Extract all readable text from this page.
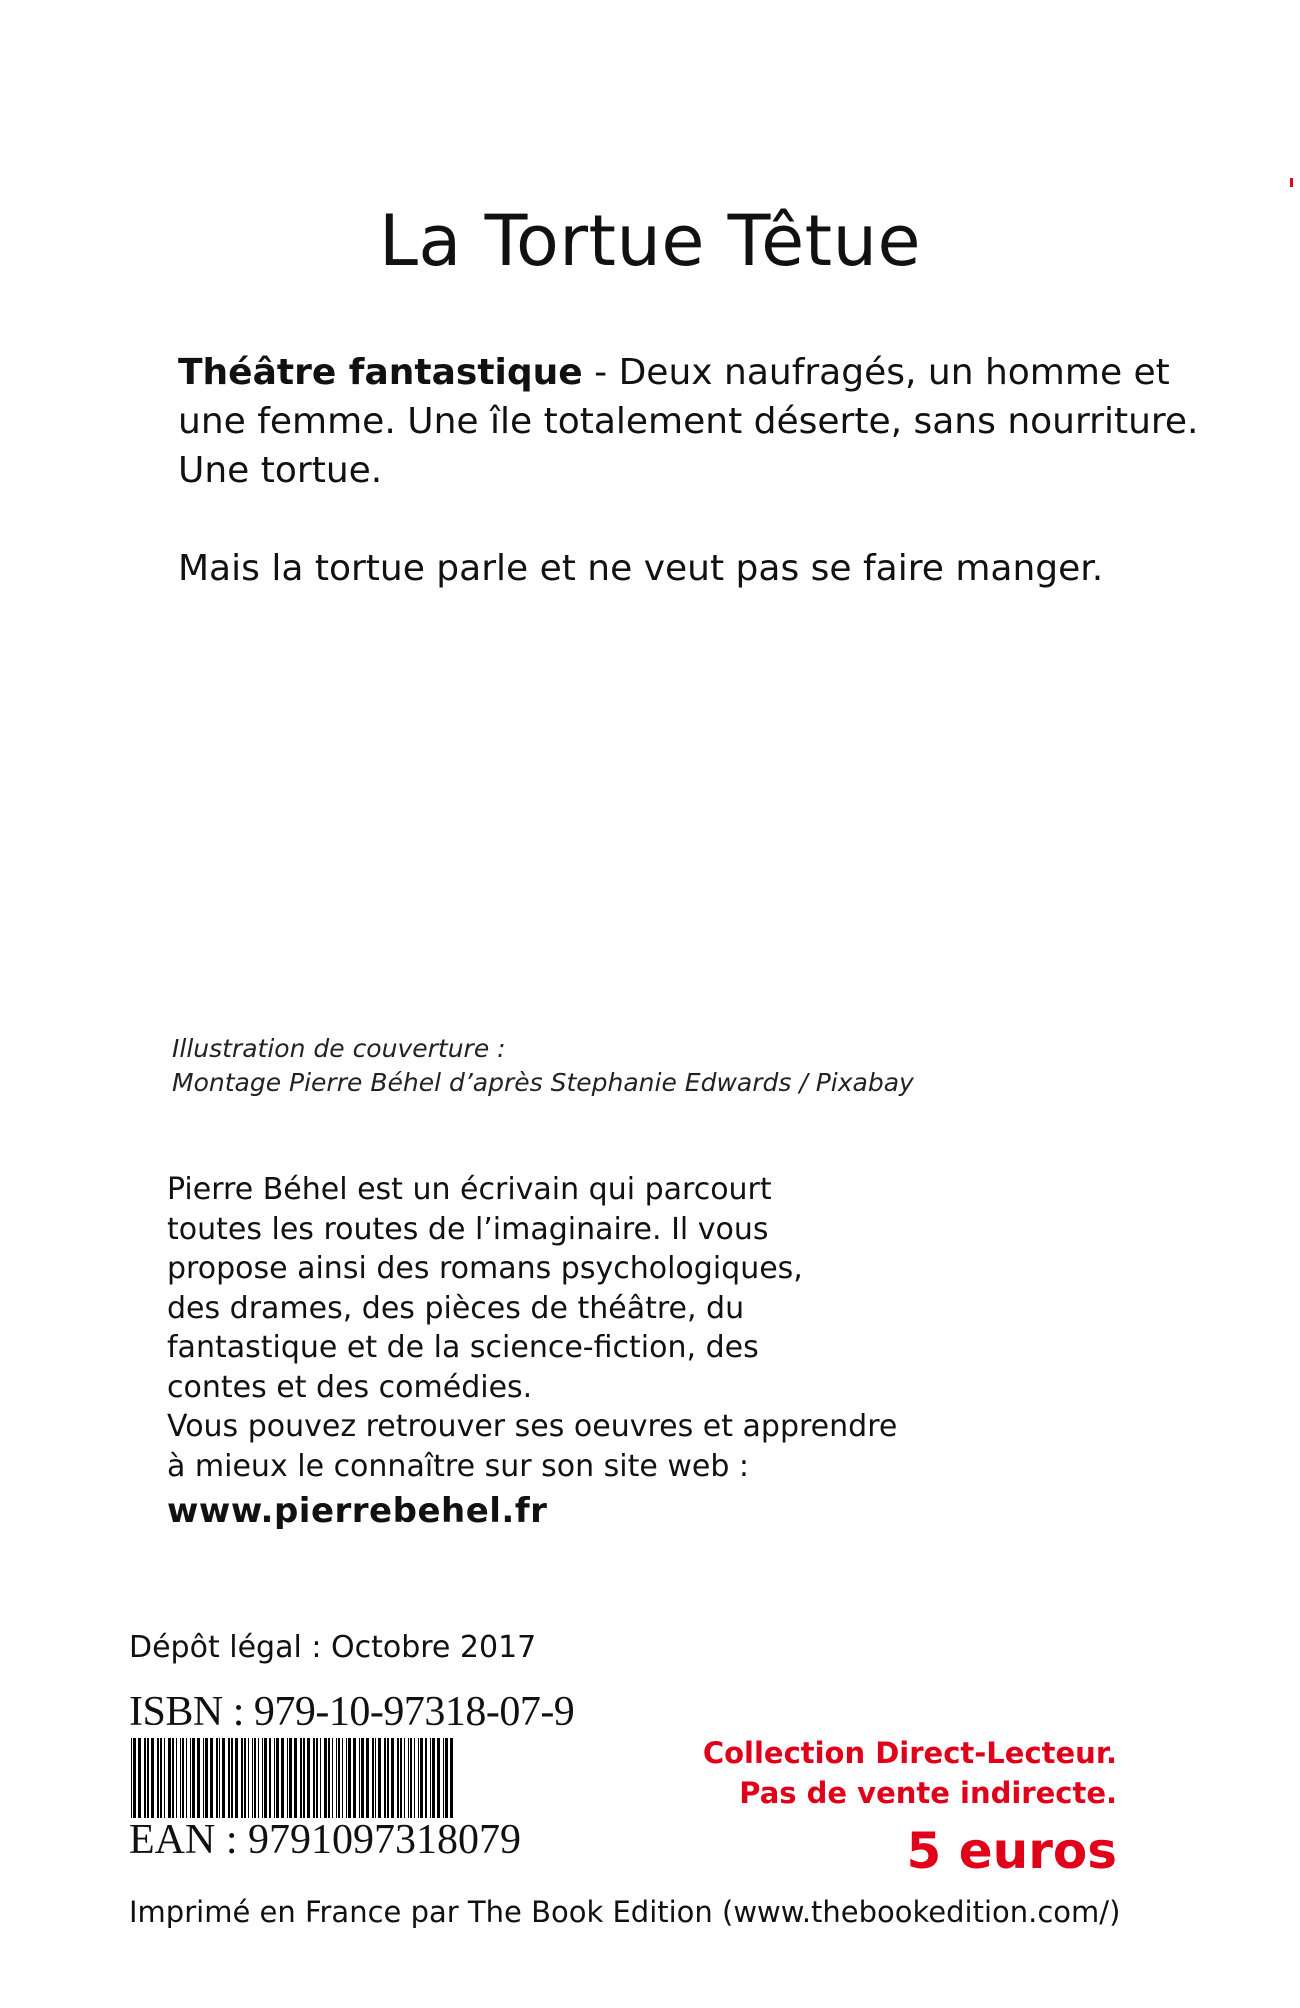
La Tortue Têtue

Théâtre fantastique - Deux naufragés, un homme et
une femme. Une île totalement déserte, sans nourriture.
Une tortue.

Mais la tortue parle et ne veut pas se faire manger.

Illustration de couverture :
Montage Pierre Béhel d’après Stephanie Edwards / Pixabay
Pierre Béhel est un écrivain qui parcourt
toutes les routes de l’imaginaire. Il vous
propose ainsi des romans psychologiques,
des drames, des pièces de théâtre, du
fantastique et de la science-fiction, des
contes et des comédies.
Vous pouvez retrouver ses oeuvres et apprendre
à mieux le connaître sur son site web :
www.pierrebehel.fr
Dépôt légal : Octobre 2017
ISBN : 979-10-97318-07-9
EAN : 9791097318079
Collection Direct-Lecteur.
Pas de vente indirecte.
5 euros
Imprimé en France par The Book Edition (www.thebookedition.com/)
